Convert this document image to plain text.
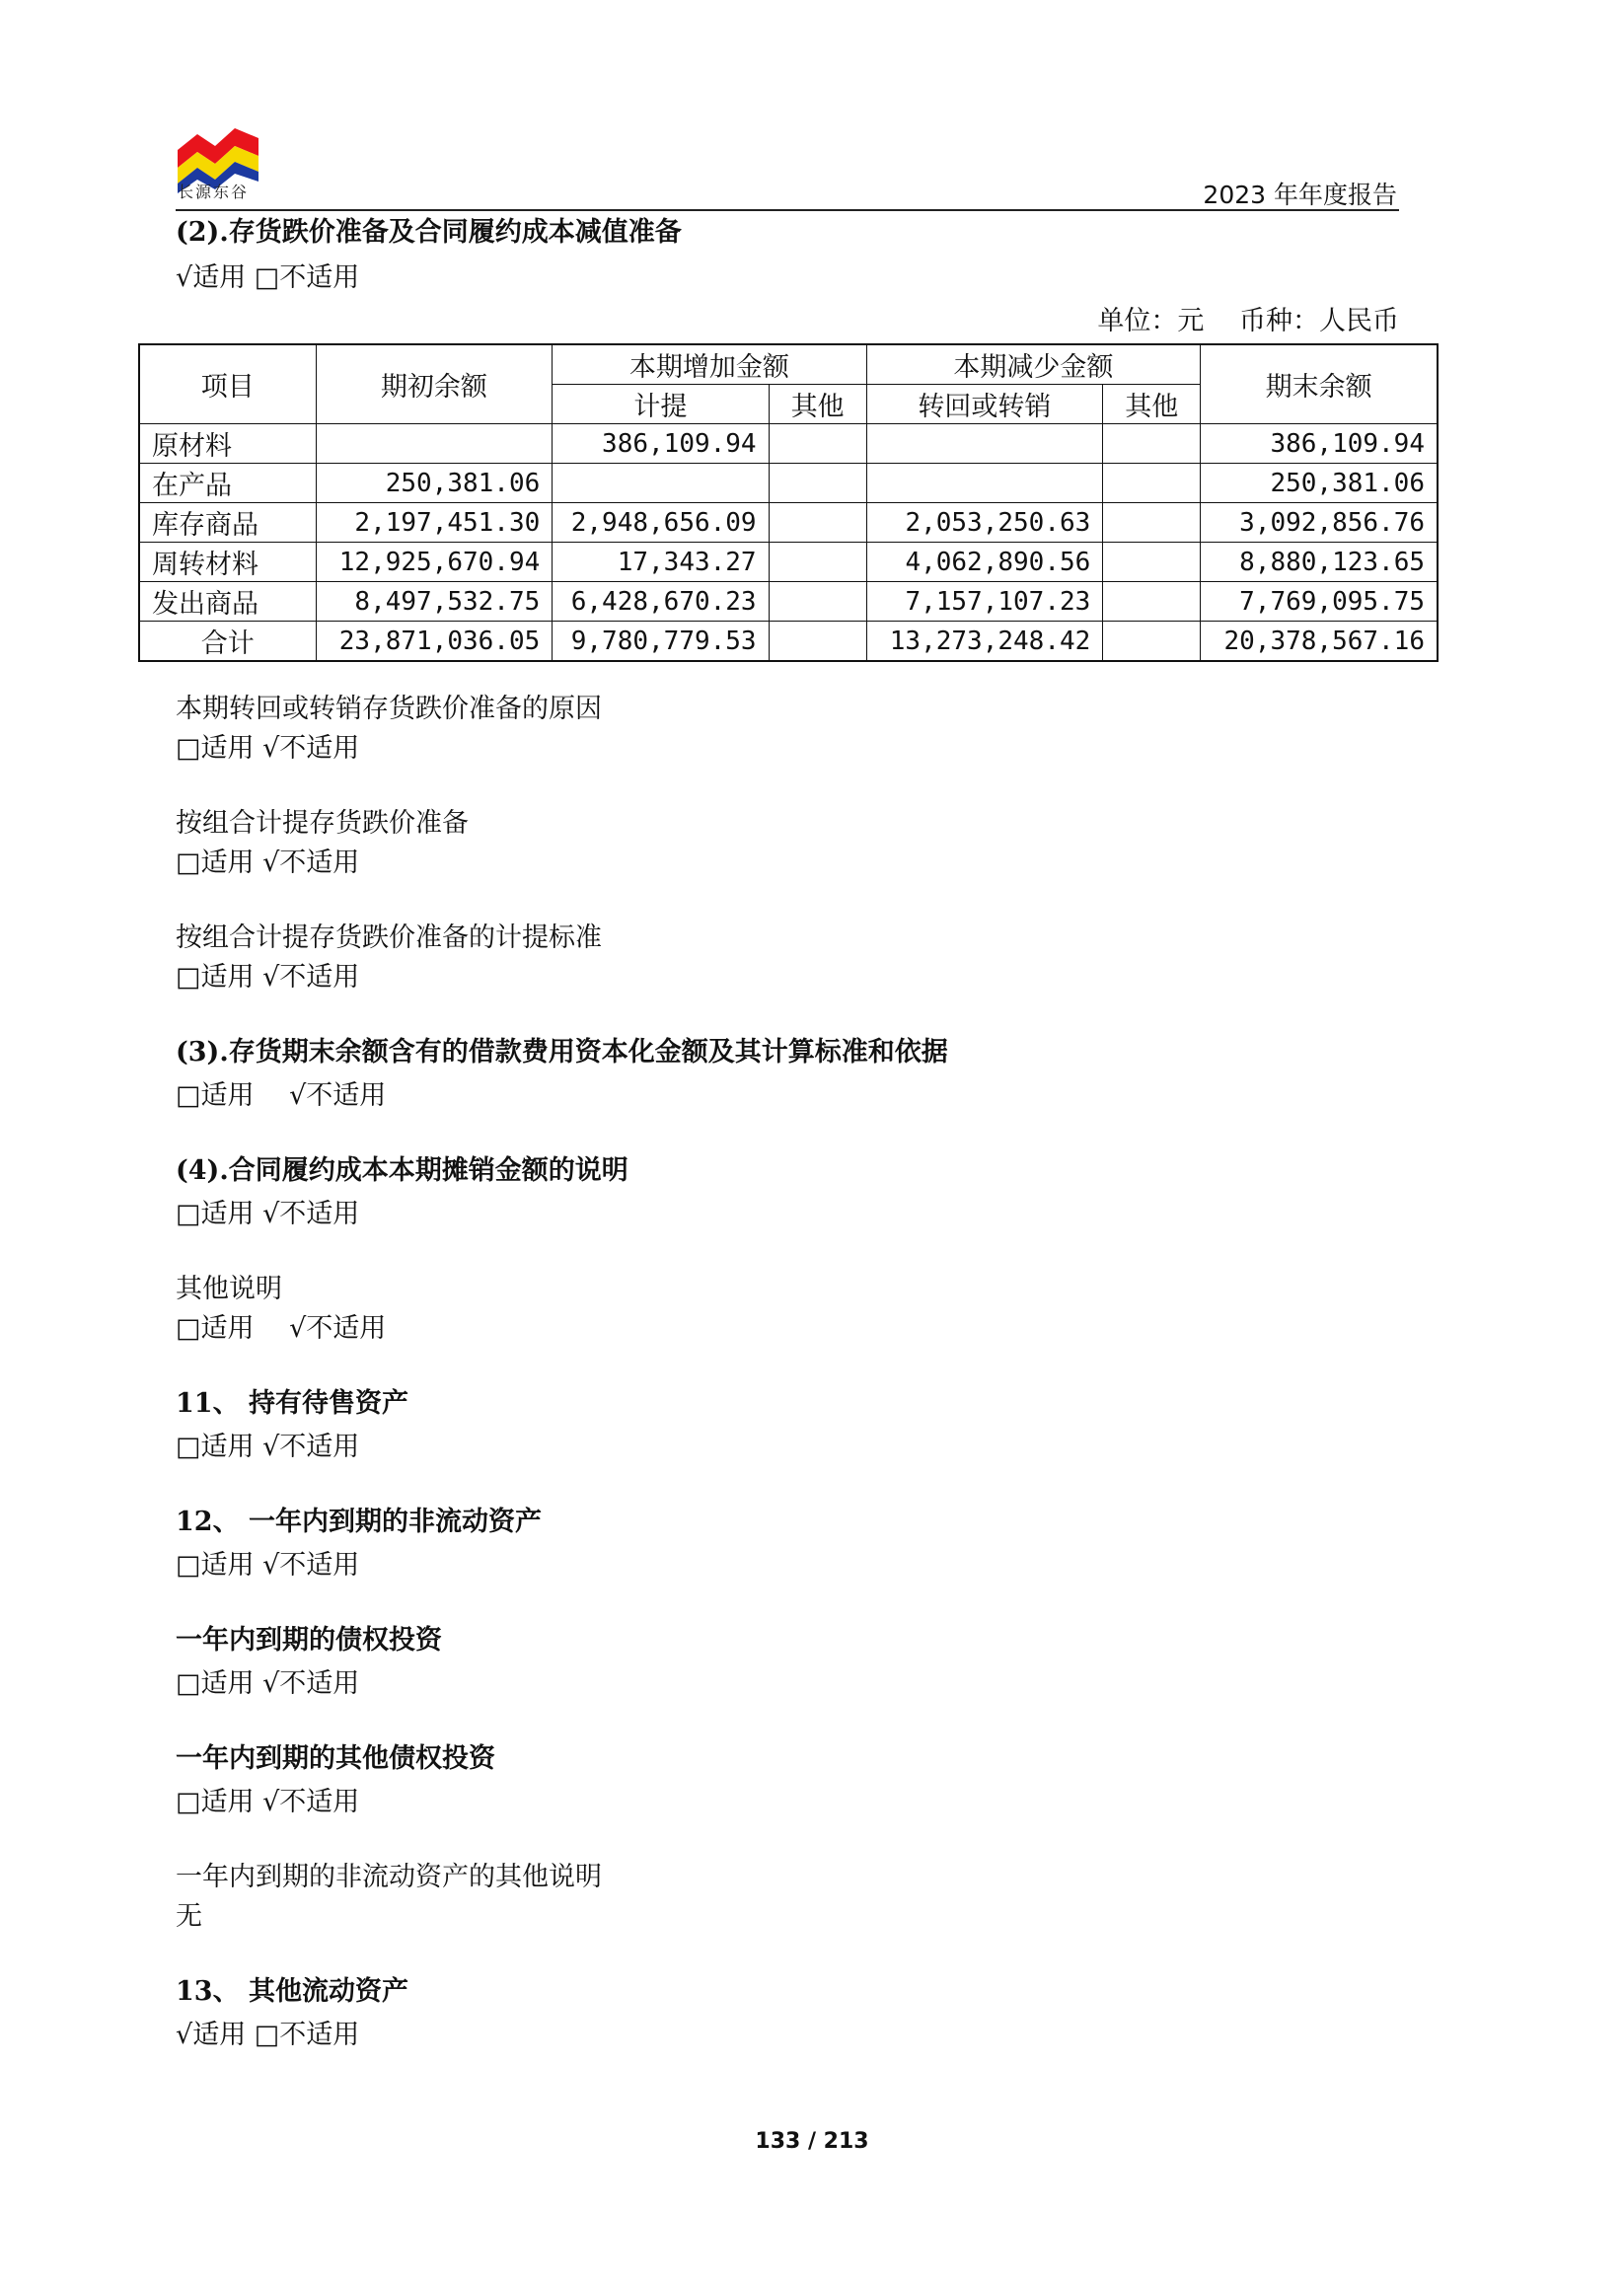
长源东谷	2023 年年度报告

(2).存货跌价准备及合同履约成本减值准备

√适用 □不适用

单位：元　 币种：人民币
项目	期初余额	本期增加金额		本期减少金额		期末余额
		计提	其他	转回或转销	其他	
原材料		386,109.94				386,109.94
在产品	250,381.06					250,381.06
库存商品	2,197,451.30	2,948,656.09		2,053,250.63		3,092,856.76
周转材料	12,925,670.94	17,343.27		4,062,890.56		8,880,123.65
发出商品	8,497,532.75	6,428,670.23		7,157,107.23		7,769,095.75
合计	23,871,036.05	9,780,779.53		13,273,248.42		20,378,567.16

本期转回或转销存货跌价准备的原因

□适用 √不适用

按组合计提存货跌价准备

□适用 √不适用

按组合计提存货跌价准备的计提标准

□适用 √不适用

(3).存货期末余额含有的借款费用资本化金额及其计算标准和依据

□适用 　√不适用

(4).合同履约成本本期摊销金额的说明

□适用 √不适用

其他说明

□适用 　√不适用

11、 持有待售资产

□适用 √不适用

12、 一年内到期的非流动资产

□适用 √不适用

一年内到期的债权投资

□适用 √不适用

一年内到期的其他债权投资

□适用 √不适用

一年内到期的非流动资产的其他说明

无

13、 其他流动资产

√适用 □不适用

133 / 213
